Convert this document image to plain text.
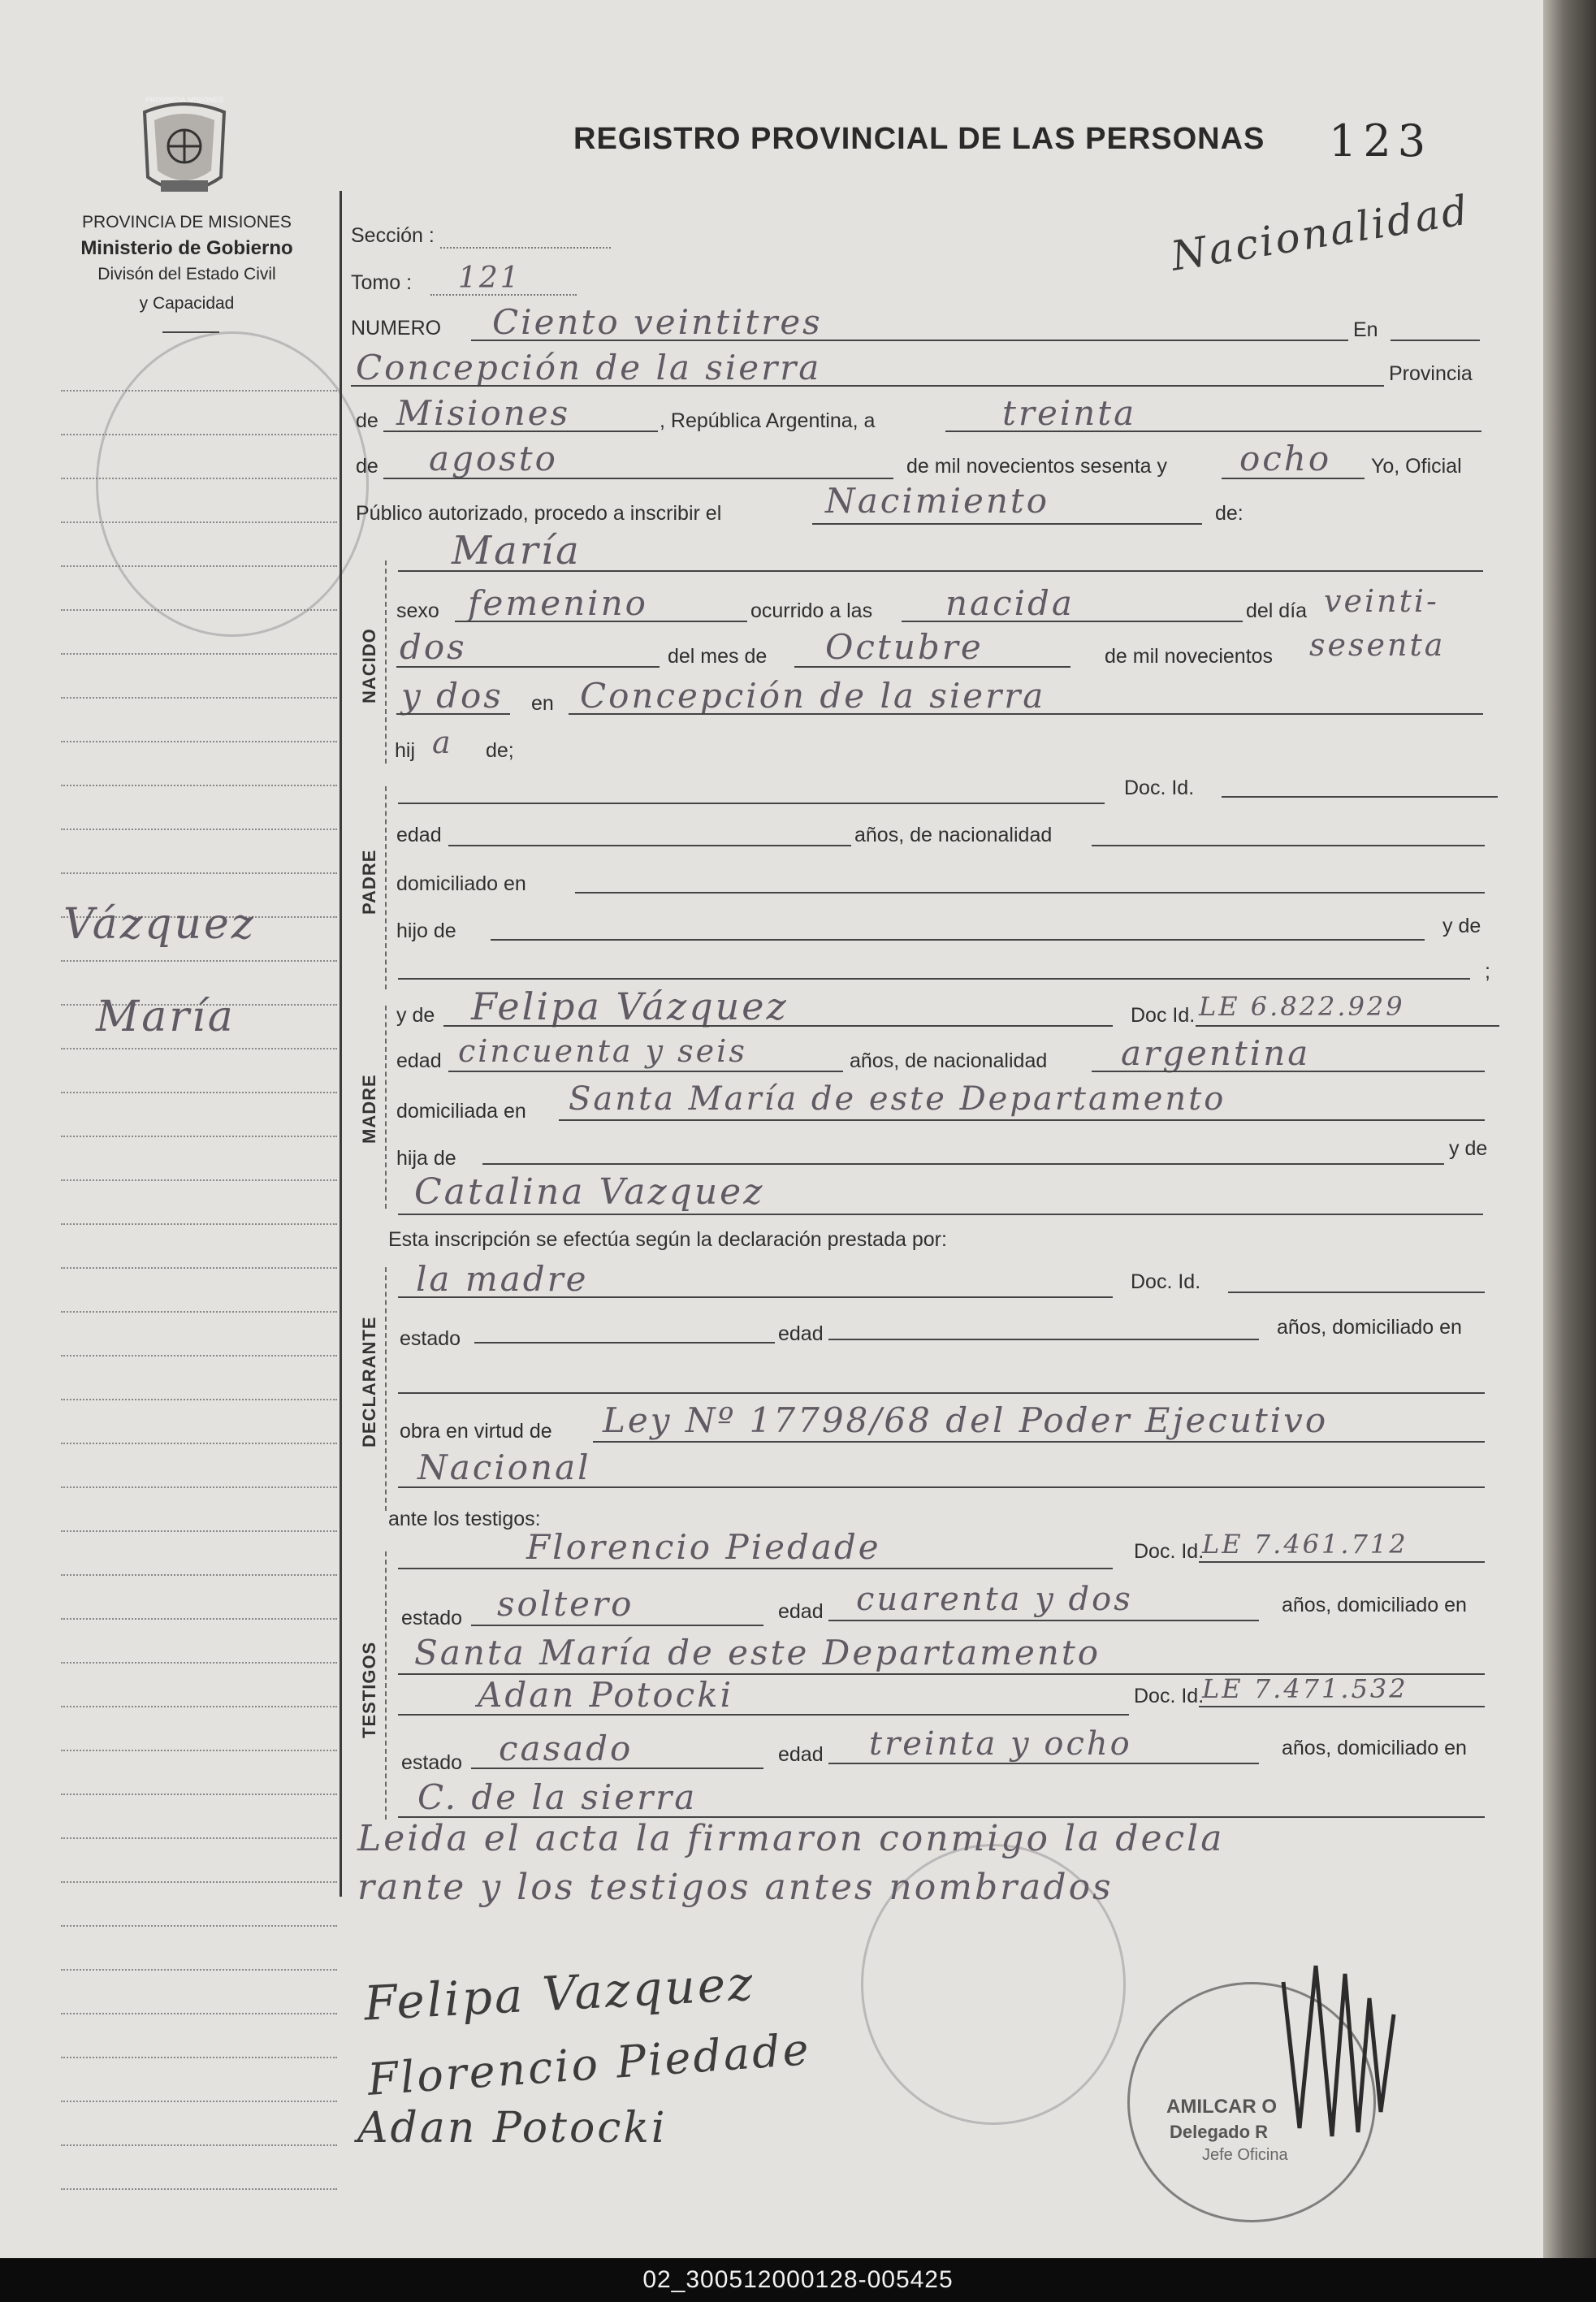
PROVINCIA MISIONES
PROVINCIA DE MISIONES
Ministerio de Gobierno
Divisón del Estado Civil
y Capacidad
REGISTRO PROVINCIAL DE LAS PERSONAS 123
Nacionalidad
Vázquez
María
Sección :
Tomo : 121
NUMERO Ciento veintitres	En
Concepción de la sierra	Provincia
de Misiones	, República Argentina, a	treinta
de agosto	de mil novecientos sesenta y ocho Yo, Oficial
Público autorizado, procedo a inscribir el	Nacimiento	de:
NACIDO
María
sexo femenino	ocurrido a las nacida	del día veinti-
dos	del mes de Octubre	de mil novecientos sesenta
y dos en Concepción de la sierra
hij a de;
PADRE
Doc. Id.
edad	años, de nacionalidad
domiciliado en
hijo de	y de
;
MADRE
y de Felipa Vázquez	Doc Id. LE 6.822.929
edad cincuenta y seis	años, de nacionalidad argentina
domiciliada en Santa María de este Departamento
hija de	y de
Catalina Vazquez
Esta inscripción se efectúa según la declaración prestada por:
DECLARANTE
la madre	Doc. Id.
estado	edad	años, domiciliado en
obra en virtud de Ley Nº 17798/68 del Poder Ejecutivo
Nacional
ante los testigos:
TESTIGOS
Florencio Piedade	Doc. Id.
LE 7.461.712
estado soltero	edad cuarenta y dos	años, domiciliado en
Santa María de este Departamento
Adan Potocki	Doc. Id.
LE 7.471.532
estado casado	edad treinta y ocho	años, domiciliado en
C. de la sierra
Leida el acta la firmaron conmigo la decla
rante y los testigos antes nombrados
Felipa Vazquez
Florencio Piedade
Adan Potocki	AMILCAR O
Delegado R
Jefe Oficina
02_300512000128-005425
